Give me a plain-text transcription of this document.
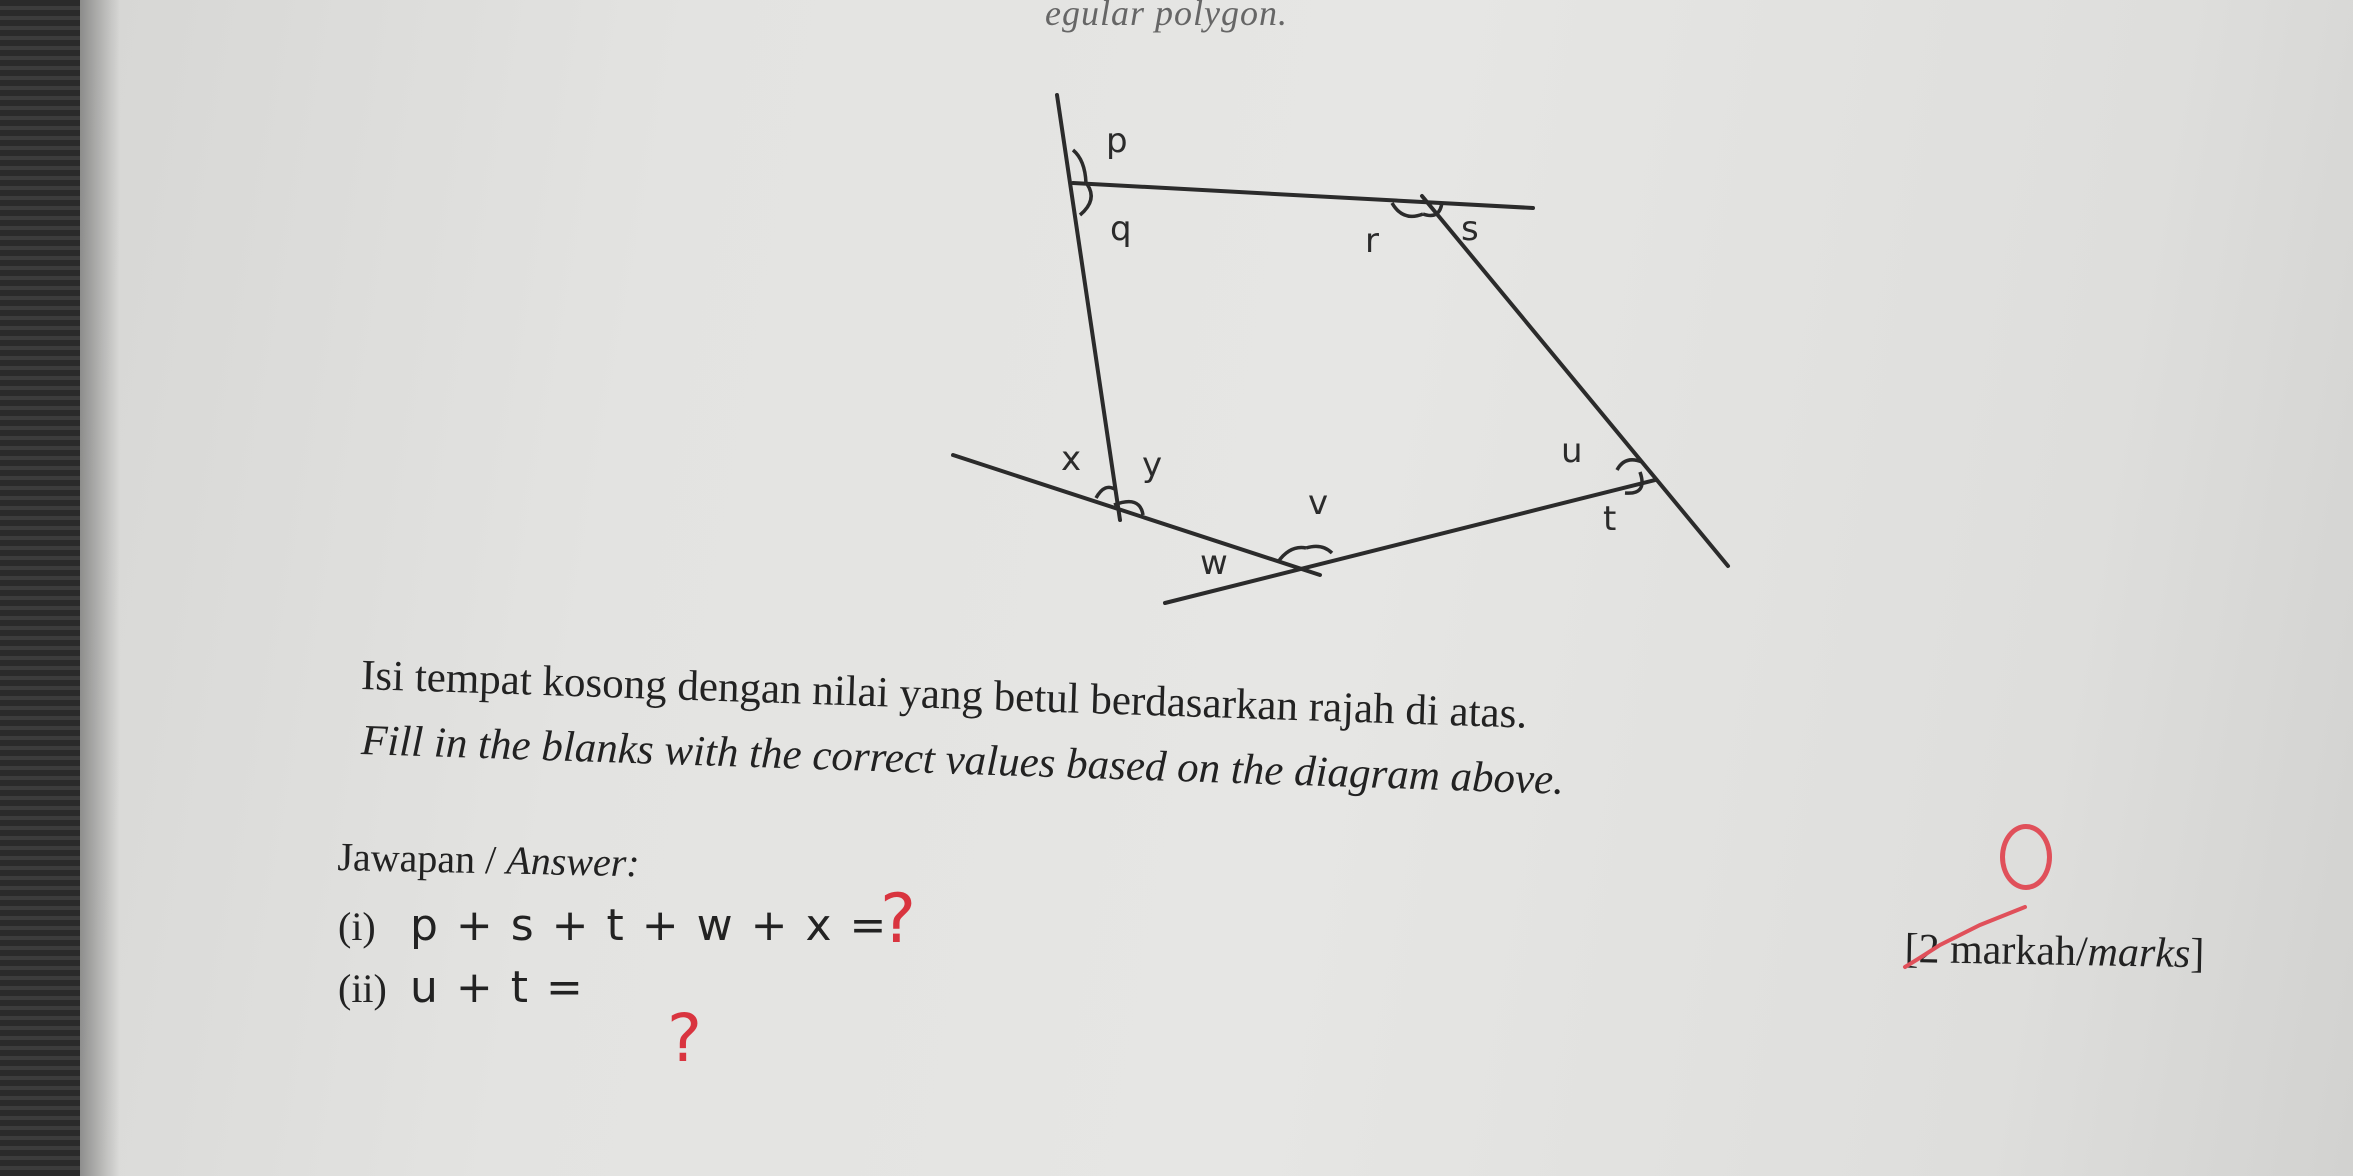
egular polygon.
p
q	r s
x y	u
t
v
w
Isi tempat kosong dengan nilai yang betul berdasarkan rajah di atas.
Fill in the blanks with the correct values based on the diagram above.
Jawapan / Answer:
(i) p + s + t + w + x =
(ii) u + t =
?
?
[2 markah/marks]
